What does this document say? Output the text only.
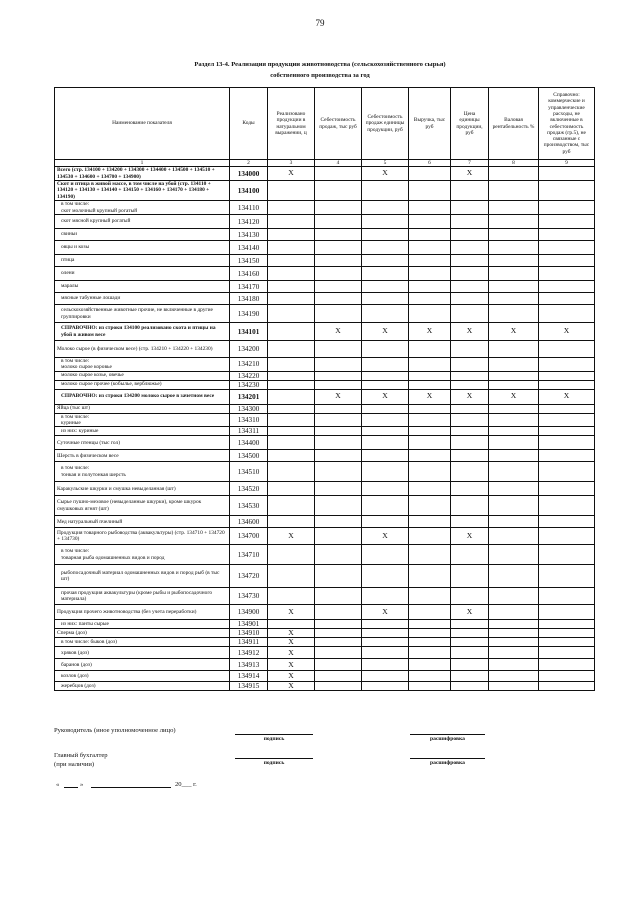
79
Раздел 13-4. Реализация продукции животноводства (сельскохозяйственного сырья)
собственного производства за год
Наименование показателя	Коды	Реализовано продукции в натуральном выражении, ц	Себестоимость продаж, тыс руб	Себестоимость продаж единицы продукции, руб	Выручка, тыс руб	Цена единицы продукции, руб	Валовая рентабельность %	Справочно: коммерческие и управленческие расходы, не включенные в себестоимость продаж (гр.5), не связанные с производством, тыс руб
1	2	3	4	5	6	7	8	9
Всего (стр. 134100 + 134200 + 134300 + 134400 + 134500 + 134510 + 134530 + 134600 + 134700 + 134900)	134000	X		X		X		
Скот и птица в живой массе, в том числе на убой (стр. 134110 + 134120 + 134130 + 134140 + 134150 + 134160 + 134170 + 134180 + 134190)	134100							
в том числе:
скот молочный крупный рогатый	134110							
скот мясной крупный рогатый	134120							
свиньи	134130							
овцы и козы	134140							
птица	134150							
олени	134160							
маралы	134170							
мясные табунные лошади	134180							
сельскохозяйственные животные прочие, не включенные в другие группировки	134190							
СПРАВОЧНО: из строки 134100 реализовано скота и птицы на убой в живом весе	134101		X	X	X	X	X	X
Молоко сырое (в физическом весе) (стр. 134210 + 134220 + 134230)	134200							
в том числе:
молоко сырое коровье	134210							
молоко сырое козье, овечье	134220							
молоко сырое прочее (кобылье, верблюжье)	134230							
СПРАВОЧНО: из строки 134200 молоко сырое в зачетном весе	134201		X	X	X	X	X	X
Яйца (тыс шт)	134300							
в том числе:
куриные	134310							
из них: куриные	134311							
Суточные птенцы (тыс гол)	134400							
Шерсть в физическом весе	134500							
в том числе:
тонкая и полутонкая шерсть	134510							
Каракульские шкурки и смушка невыделанная (шт)	134520							
Сырье пушно-меховое (невыделанные шкурки), кроме шкурок смушковых ягнят (шт)	134530							
Мед натуральный пчелиный	134600							
Продукция товарного рыбоводства (аквакультуры) (стр. 134710 + 134720 + 134730)	134700	X		X		X		
в том числе:
товарная рыба одомашненных видов и пород	134710							
рыбопосадочный материал одомашненных видов и пород рыб (в тыс шт)	134720							
прочая продукция аквакультуры (кроме рыбы и рыбопосадочного материала)	134730							
Продукция прочего животноводства (без учета переработки)	134900	X		X		X		
из них: панты сырые	134901							
Сперма (доз)	134910	X						
в том числе: быков (доз)	134911	X						
хряков (доз)	134912	X						
баранов (доз)	134913	X						
козлов (доз)	134914	X						
жеребцов (доз)	134915	X						
Руководитель (иное уполномоченное лицо)
подпись	расшифровка
Главный бухгалтер
(при наличии)	подпись	расшифровка
«	»	20___ г.
